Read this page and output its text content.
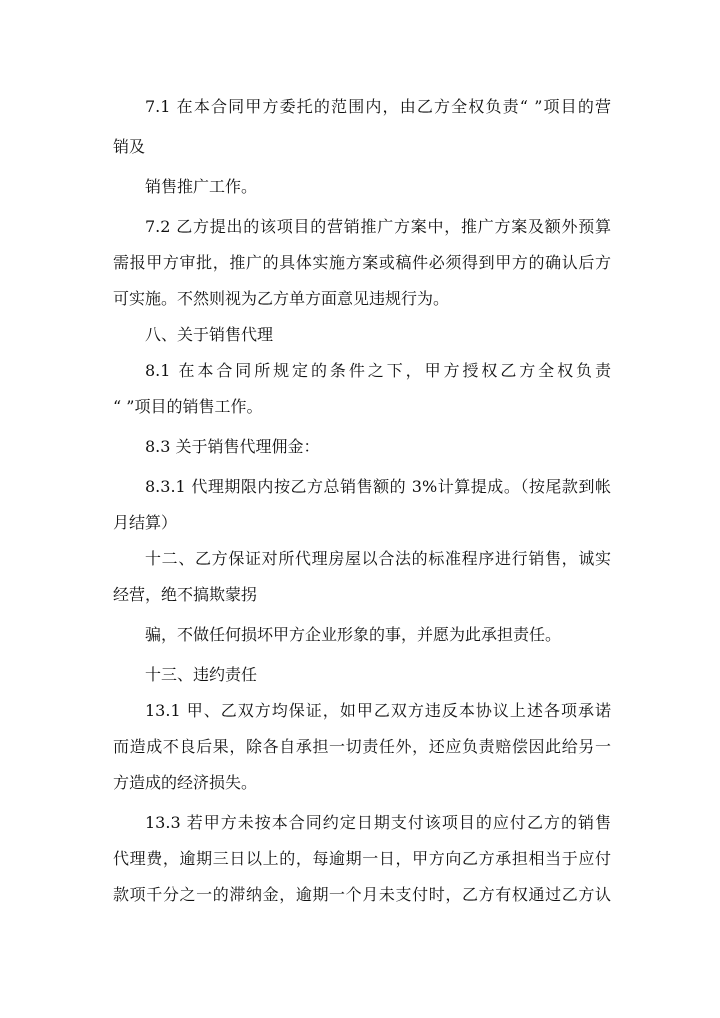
7.1 在本合同甲方委托的范围内，由乙方全权负责“ ”项目的营
销及
销售推广工作。
7.2 乙方提出的该项目的营销推广方案中，推广方案及额外预算
需报甲方审批，推广的具体实施方案或稿件必须得到甲方的确认后方
可实施。不然则视为乙方单方面意见违规行为。
八、关于销售代理
8.1 在本合同所规定的条件之下，甲方授权乙方全权负责
“ ”项目的销售工作。
8.3 关于销售代理佣金：
8.3.1 代理期限内按乙方总销售额的 3%计算提成。（按尾款到帐
月结算）
十二、乙方保证对所代理房屋以合法的标准程序进行销售，诚实
经营，绝不搞欺蒙拐
骗，不做任何损坏甲方企业形象的事，并愿为此承担责任。
十三、违约责任
13.1 甲、乙双方均保证，如甲乙双方违反本协议上述各项承诺
而造成不良后果，除各自承担一切责任外，还应负责赔偿因此给另一
方造成的经济损失。
13.3 若甲方未按本合同约定日期支付该项目的应付乙方的销售
代理费，逾期三日以上的，每逾期一日，甲方向乙方承担相当于应付
款项千分之一的滞纳金，逾期一个月未支付时，乙方有权通过乙方认
